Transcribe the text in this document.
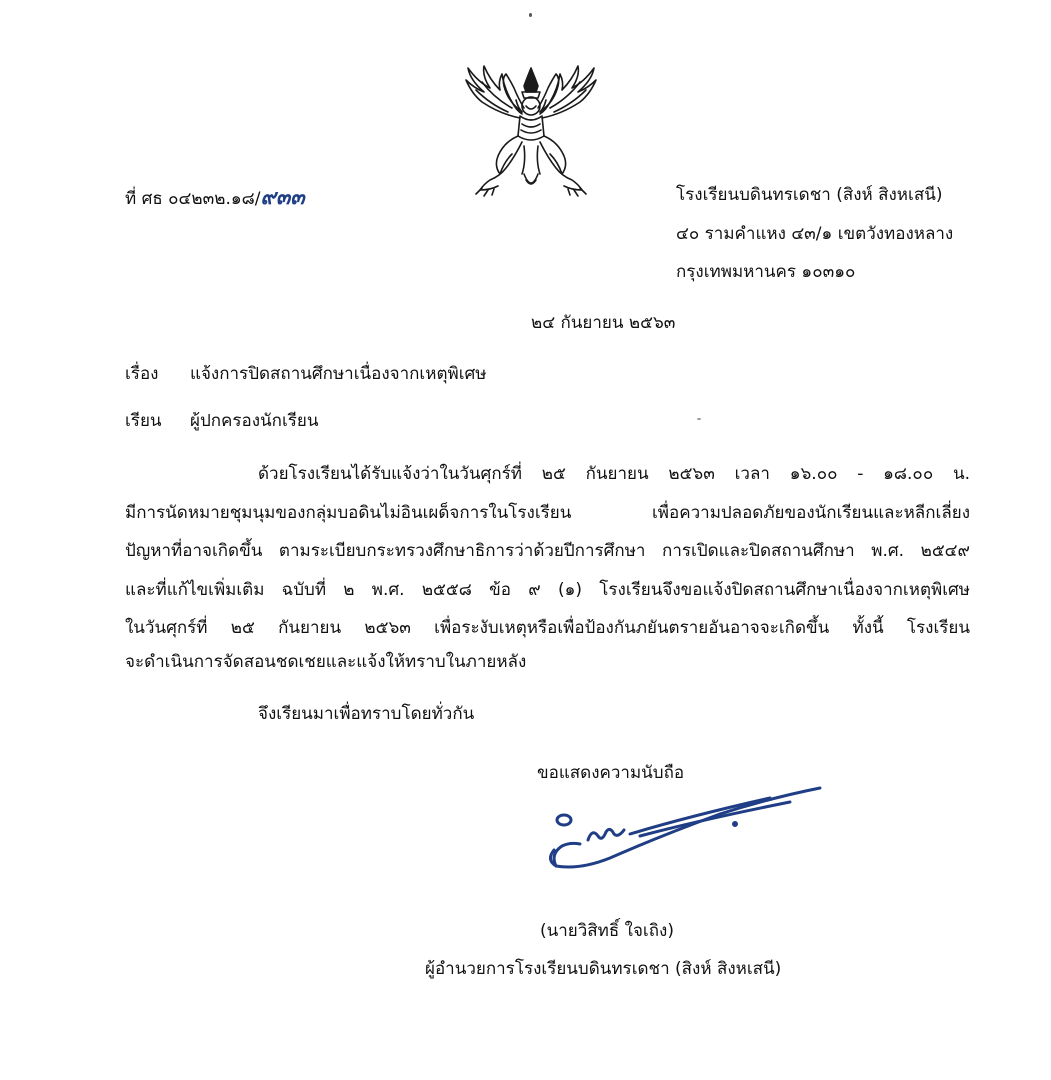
ที่ ศธ ๐๔๒๓๒.๑๘/๙๓๓	โรงเรียนบดินทรเดชา (สิงห์ สิงหเสนี)
๔๐ รามคำแหง ๔๓/๑ เขตวังทองหลาง
กรุงเทพมหานคร ๑๐๓๑๐
๒๔ กันยายน ๒๕๖๓
เรื่อง แจ้งการปิดสถานศึกษาเนื่องจากเหตุพิเศษ
เรียน ผู้ปกครองนักเรียน
ด้วยโรงเรียนได้รับแจ้งว่าในวันศุกร์ที่ ๒๕ กันยายน ๒๕๖๓ เวลา ๑๖.๐๐ - ๑๘.๐๐ น.
มีการนัดหมายชุมนุมของกลุ่มบอดินไม่อินเผด็จการในโรงเรียน เพื่อความปลอดภัยของนักเรียนและหลีกเลี่ยง
ปัญหาที่อาจเกิดขึ้น ตามระเบียบกระทรวงศึกษาธิการว่าด้วยปีการศึกษา การเปิดและปิดสถานศึกษา พ.ศ. ๒๕๔๙
และที่แก้ไขเพิ่มเติม ฉบับที่ ๒ พ.ศ. ๒๕๕๘ ข้อ ๙ (๑) โรงเรียนจึงขอแจ้งปิดสถานศึกษาเนื่องจากเหตุพิเศษ
ในวันศุกร์ที่ ๒๕ กันยายน ๒๕๖๓ เพื่อระงับเหตุหรือเพื่อป้องกันภยันตรายอันอาจจะเกิดขึ้น ทั้งนี้ โรงเรียน
จะดำเนินการจัดสอนชดเชยและแจ้งให้ทราบในภายหลัง
จึงเรียนมาเพื่อทราบโดยทั่วกัน
ขอแสดงความนับถือ
(นายวิสิทธิ์ ใจเถิง)
ผู้อำนวยการโรงเรียนบดินทรเดชา (สิงห์ สิงหเสนี)
